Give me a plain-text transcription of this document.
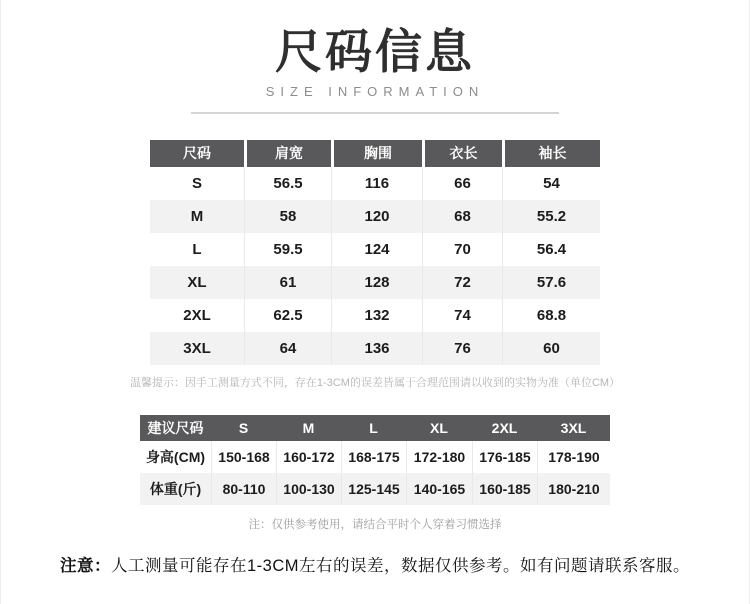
尺码信息
SIZE INFORMATION
尺码	肩宽	胸围	衣长	袖长
S	56.5	116	66	54
M	58	120	68	55.2
L	59.5	124	70	56.4
XL	61	128	72	57.6
2XL	62.5	132	74	68.8
3XL	64	136	76	60
温馨提示：因手工测量方式不同，存在1-3CM的误差皆属于合理范围请以收到的实物为准（单位CM）
建议尺码	S	M	L	XL	2XL	3XL
身高(CM) 150-168 160-172 168-175	172-180	176-185	178-190
体重(斤)	80-110	100-130 125-145	140-165	160-185	180-210
注：仅供参考使用，请结合平时个人穿着习惯选择
注意：人工测量可能存在1-3CM左右的误差，数据仅供参考。如有问题请联系客服。
